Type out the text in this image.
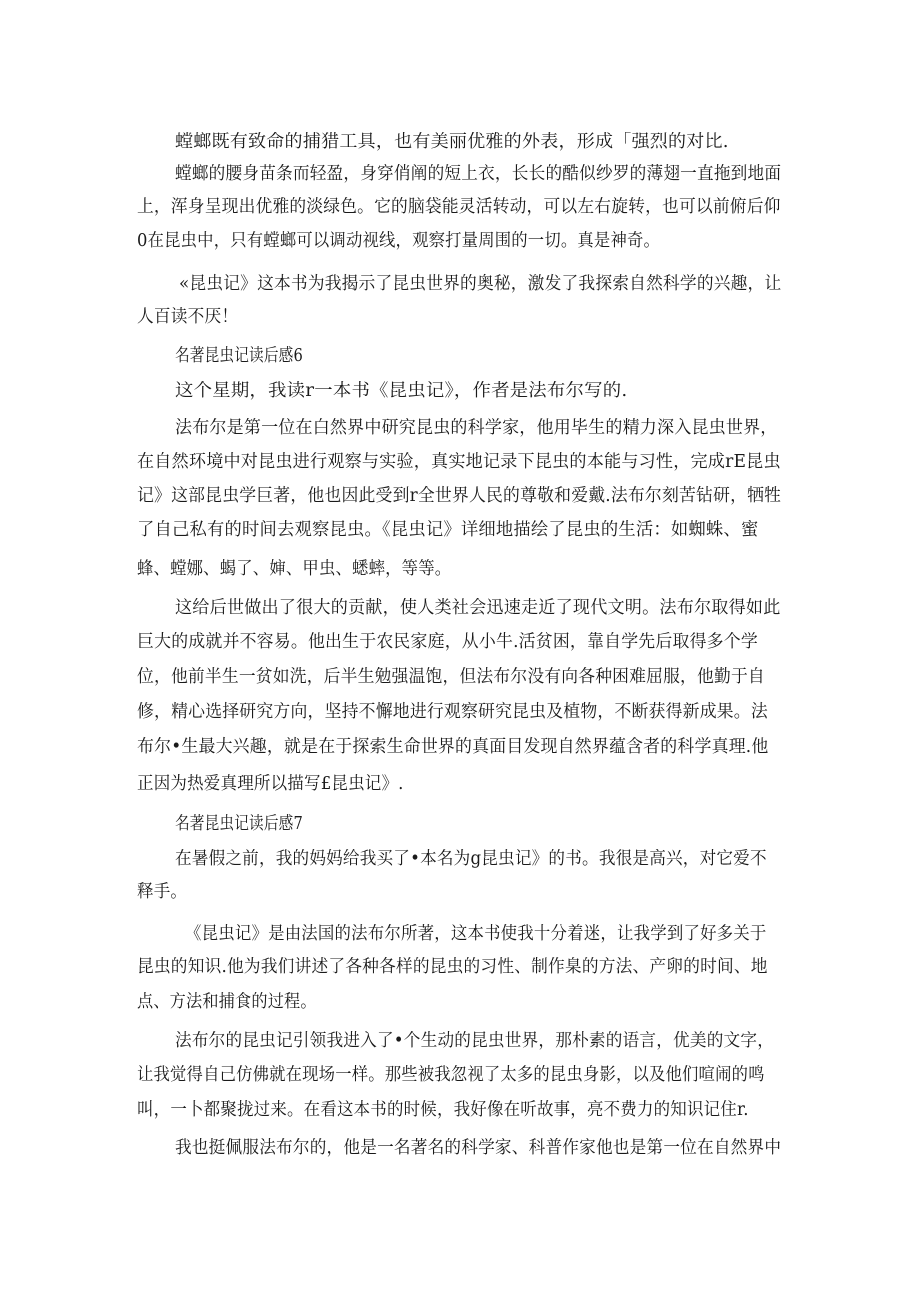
螳螂既有致命的捕猎工具，也有美丽优雅的外表，形成「强烈的对比.
螳螂的腰身苗条而轻盈，身穿俏阐的短上衣，长长的酷似纱罗的薄翅一直拖到地面
上，浑身呈现出优雅的淡绿色。它的脑袋能灵活转动，可以左右旋转，也可以前俯后仰
0在昆虫中，只有螳螂可以调动视线，观察打量周围的一切。真是神奇。
«昆虫记》这本书为我揭示了昆虫世界的奥秘，激发了我探索自然科学的兴趣，让
人百读不厌！
名著昆虫记读后感6
这个星期，我读r一本书《昆虫记》，作者是法布尔写的.
法布尔是第一位在白然界中研究昆虫的科学家，他用毕生的精力深入昆虫世界，
在自然环境中对昆虫进行观察与实验，真实地记录下昆虫的本能与习性，完成rE昆虫
记》这部昆虫学巨著，他也因此受到r全世界人民的尊敬和爱戴.法布尔刻苦钻研，牺牲
了自己私有的时间去观察昆虫。《昆虫记》详细地描绘了昆虫的生活：如蜘蛛、蜜
蜂、螳娜、蝎了、婶、甲虫、蟋蟀，等等。
这给后世做出了很大的贡献，使人类社会迅速走近了现代文明。法布尔取得如此
巨大的成就并不容易。他出生于农民家庭，从小牛.活贫困，靠自学先后取得多个学
位，他前半生一贫如洗，后半生勉强温饱，但法布尔没有向各种困难屈服，他勤于自
修，精心选择研究方向，坚持不懈地进行观察研究昆虫及植物，不断获得新成果。法
布尔•生最大兴趣，就是在于探索生命世界的真面目发现自然界蕴含者的科学真理.他
正因为热爱真理所以描写£昆虫记》.
名著昆虫记读后感7
在暑假之前，我的妈妈给我买了•本名为g昆虫记》的书。我很是高兴，对它爱不
释手。
《昆虫记》是由法国的法布尔所著，这本书使我十分着迷，让我学到了好多关于
昆虫的知识.他为我们讲述了各种各样的昆虫的习性、制作臬的方法、产卵的时间、地
点、方法和捕食的过程。
法布尔的昆虫记引领我进入了•个生动的昆虫世界，那朴素的语言，优美的文字，
让我觉得自己仿佛就在现场一样。那些被我忽视了太多的昆虫身影，以及他们喧闹的鸣
叫，一卜都聚拢过来。在看这本书的时候，我好像在听故事，亮不费力的知识记住r.
我也挺佩服法布尔的，他是一名著名的科学家、科普作家他也是第一位在自然界中
